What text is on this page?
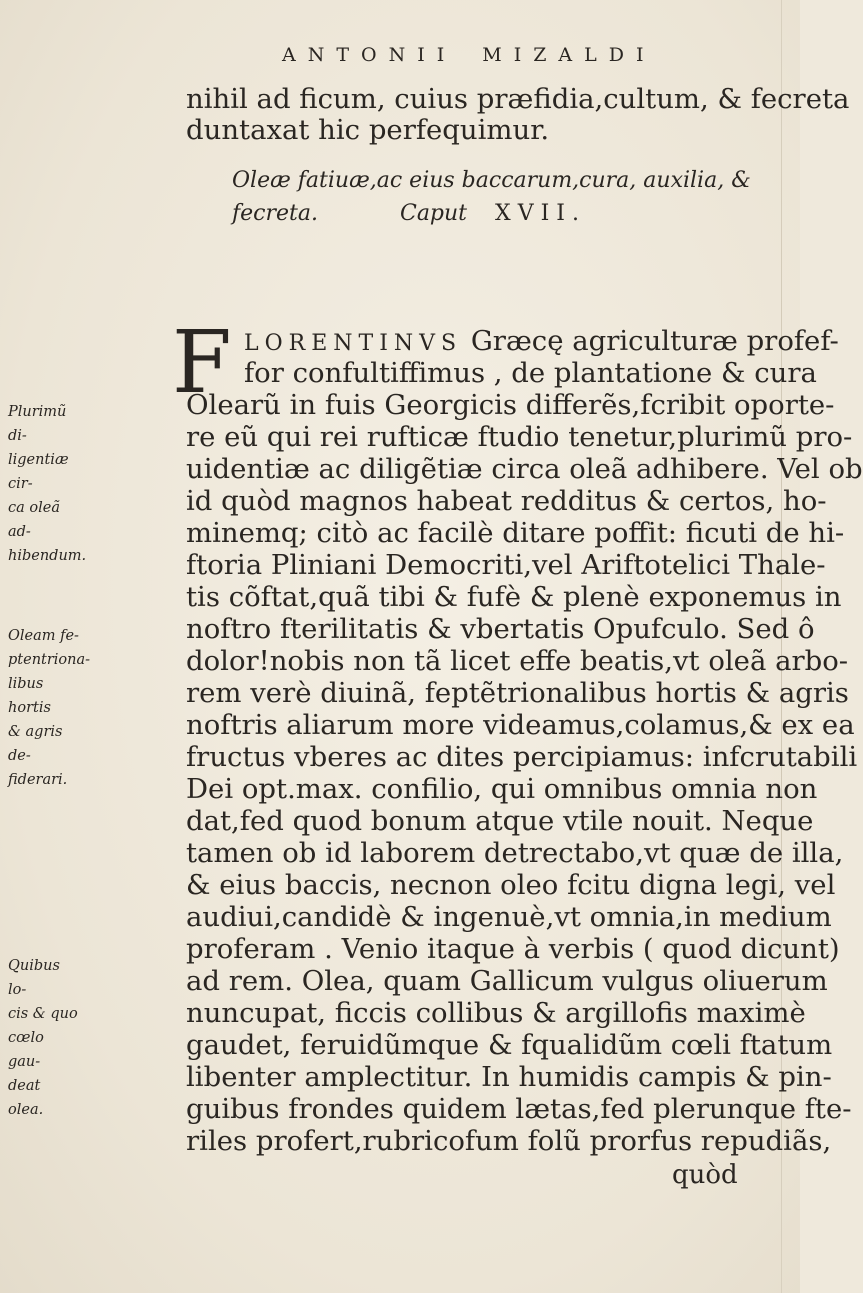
ANTONII MIZALDI
nihil ad ficum, cuius præfidia,cultum, & fecreta
duntaxat hic perfequimur.
Oleæ fatiuæ,ac eius baccarum,cura, auxilia, &
fecreta.	Caput XVII.
F LORENTINVS Græcę agriculturæ profef-
for confultiffimus , de plantatione & cura
Olearũ in fuis Georgicis differẽs,fcribit oporte-
re eũ qui rei rufticæ ftudio tenetur,plurimũ pro-
uidentiæ ac diligẽtiæ circa oleã adhibere. Vel ob
id quòd magnos habeat redditus & certos, ho-
minemq; citò ac facilè ditare poffit: ficuti de hi-
ftoria Pliniani Democriti,vel Ariftotelici Thale-
tis cõftat,quã tibi & fufè & plenè exponemus in
noftro fterilitatis & vbertatis Opufculo. Sed ô
dolor!nobis non tã licet effe beatis,vt oleã arbo-
rem verè diuinã, feptẽtrionalibus hortis & agris
noftris aliarum more videamus,colamus,& ex ea
fructus vberes ac dites percipiamus: infcrutabili
Dei opt.max. confilio, qui omnibus omnia non
dat,fed quod bonum atque vtile nouit. Neque
tamen ob id laborem detrectabo,vt quæ de illa,
& eius baccis, necnon oleo fcitu digna legi, vel
audiui,candidè & ingenuè,vt omnia,in medium
proferam . Venio itaque à verbis ( quod dicunt)
ad rem. Olea, quam Gallicum vulgus oliuerum
nuncupat, ficcis collibus & argillofis maximè
gaudet, feruidũmque & fqualidũm cœli ftatum
libenter amplectitur. In humidis campis & pin-
guibus frondes quidem lætas,fed plerunque fte-
riles profert,rubricofum folũ prorfus repudiãs,
quòd
Plurimũ di-
ligentiæ cir-
ca oleã ad-
hibendum.
Oleam fe-
ptentriona-
libus hortis
& agris de-
fiderari.
Quibus lo-
cis & quo
cœlo gau-
deat olea.
